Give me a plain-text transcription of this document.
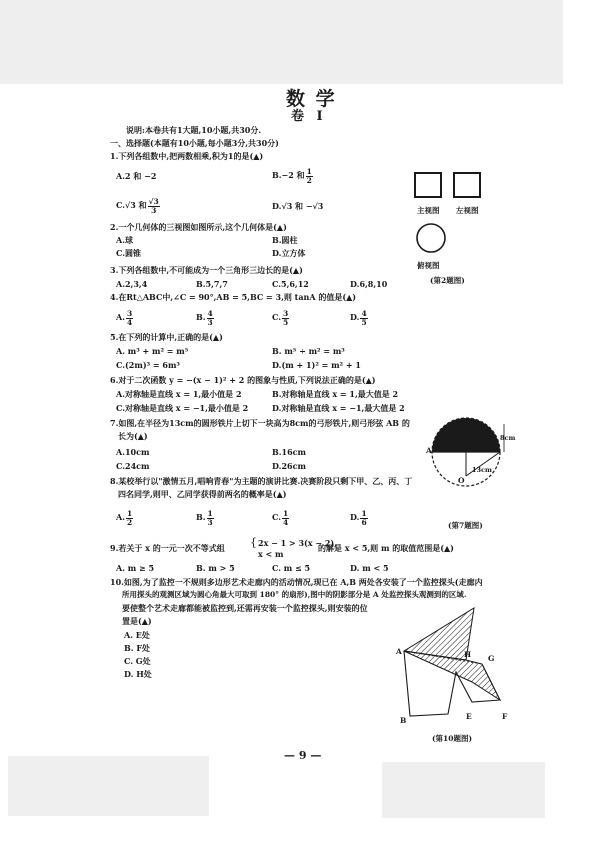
数 学
卷 Ⅰ
说明:本卷共有1大题,10小题,共30分.
一、选择题(本题有10小题,每小题3分,共30分)
1.下列各组数中,把两数相乘,积为1的是(▲)
A.2 和 −2	B.−2 和 $\frac{1}{2}$
C.√3 和 $\frac{√3}{3}$	D.√3 和 −√3	主视图 左视图
俯视图
(第2题图)
2.一个几何体的三视图如图所示,这个几何体是(▲)
A.球	B.圆柱
C.圆锥	D.立方体
3.下列各组数中,不可能成为一个三角形三边长的是(▲)
A.2,3,4	B.5,7,7	C.5,6,12	D.6,8,10
4.在Rt△ABC中,∠C = 90°,AB = 5,BC = 3,则 tanA 的值是(▲)
A. $\frac{3}{4}$	B. $\frac{4}{3}$	C. $\frac{3}{5}$	D. $\frac{4}{5}$
5.在下列的计算中,正确的是(▲)
A. m³ + m² = m⁵	B. m⁵ ÷ m² = m³
C.(2m)³ = 6m³	D.(m + 1)² = m² + 1
6.对于二次函数 y = −(x − 1)² + 2 的图象与性质,下列说法正确的是(▲)
A.对称轴是直线 x = 1,最小值是 2	B.对称轴是直线 x = 1,最大值是 2
C.对称轴是直线 x = −1,最小值是 2	D.对称轴是直线 x = −1,最大值是 2
7.如图,在半径为13cm的圆形铁片上切下一块高为8cm的弓形铁片,则弓形弦 AB 的
长为(▲)
A.10cm	B.16cm
C.24cm	D.26cm
A	B
O
8cm
13cm
(第7题图)
8.某校举行以"激情五月,唱响青春"为主题的演讲比赛.决赛阶段只剩下甲、乙、丙、丁
四名同学,则甲、乙同学获得前两名的概率是(▲)
A. $\frac{1}{2}$	B. $\frac{1}{3}$	C. $\frac{1}{4}$	D. $\frac{1}{6}$
9.若关于 x 的一元一次不等式组 { 2x − 1 > 3(x − 2),
x < m
的解是 x < 5,则 m 的取值范围是(▲)
A. m ≥ 5	B. m > 5	C. m ≤ 5	D. m < 5
10.如图,为了监控一不规则多边形艺术走廊内的活动情况,现已在 A,B 两处各安装了一个监控探头(走廊内
所用探头的观测区域为圆心角最大可取到 180° 的扇形),图中的阴影部分是 A 处监控探头观测到的区域.
要使整个艺术走廊都能被监控到,还需再安装一个监控探头,则安装的位
置是(▲)
A. E处
B. F处
C. G处
D. H处
A
B
H G
E	F
(第10题图)
— 9 —
